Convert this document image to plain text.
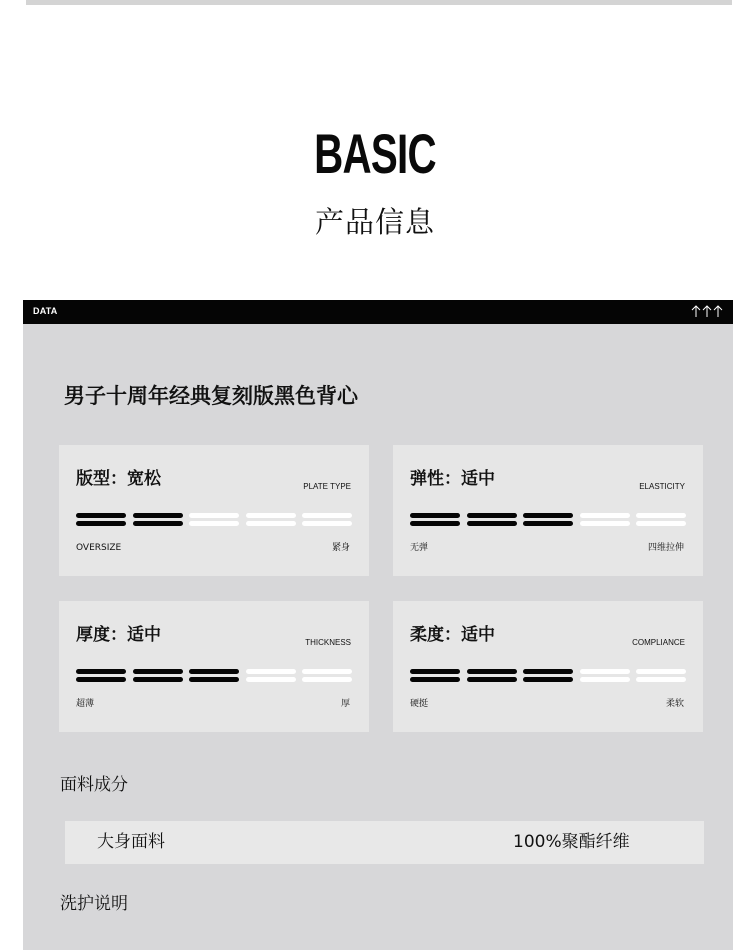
BASIC
产品信息
DATA
男子十周年经典复刻版黑色背心
版型：宽松	PLATE TYPE
OVERSIZE	紧身
弹性：适中	ELASTICITY
无弹	四维拉伸
厚度：适中	THICKNESS
超薄	厚
柔度：适中	COMPLIANCE
硬挺	柔软
面料成分
大身面料	100%聚酯纤维
洗护说明
